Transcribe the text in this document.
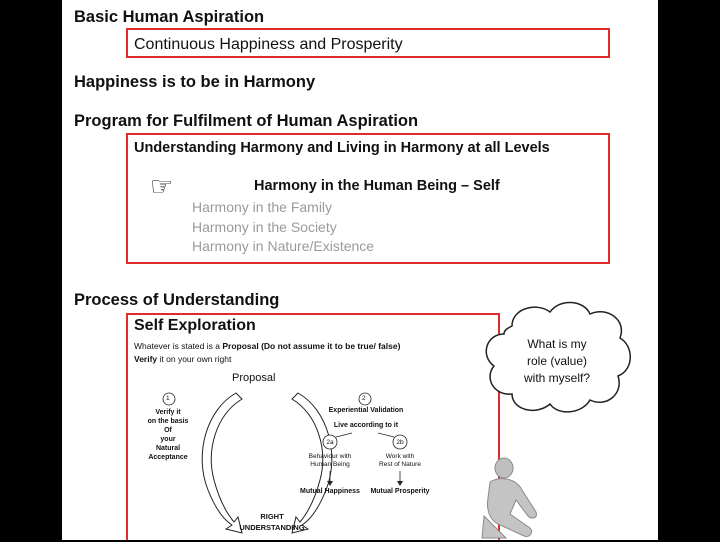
Basic Human Aspiration
Continuous Happiness and Prosperity
Happiness is to be in Harmony
Program for Fulfilment of Human Aspiration
Understanding Harmony and Living in Harmony at all Levels
☞	Harmony in the Human Being – Self
Harmony in the Family
Harmony in the Society
Harmony in Nature/Existence
Process of Understanding
Self Exploration
Whatever is stated is a Proposal (Do not assume it to be true/ false)
Verify it on your own right
Proposal
1	2
Verify it
on the basis
Of
your
Natural
Acceptance
Experiential Validation
Live according to it
2a	2b
Behaviour with
Human Being
Work with
Rest of Nature
Mutual Happiness	Mutual Prosperity
RIGHT
UNDERSTANDING
What is my
role (value)
with myself?
